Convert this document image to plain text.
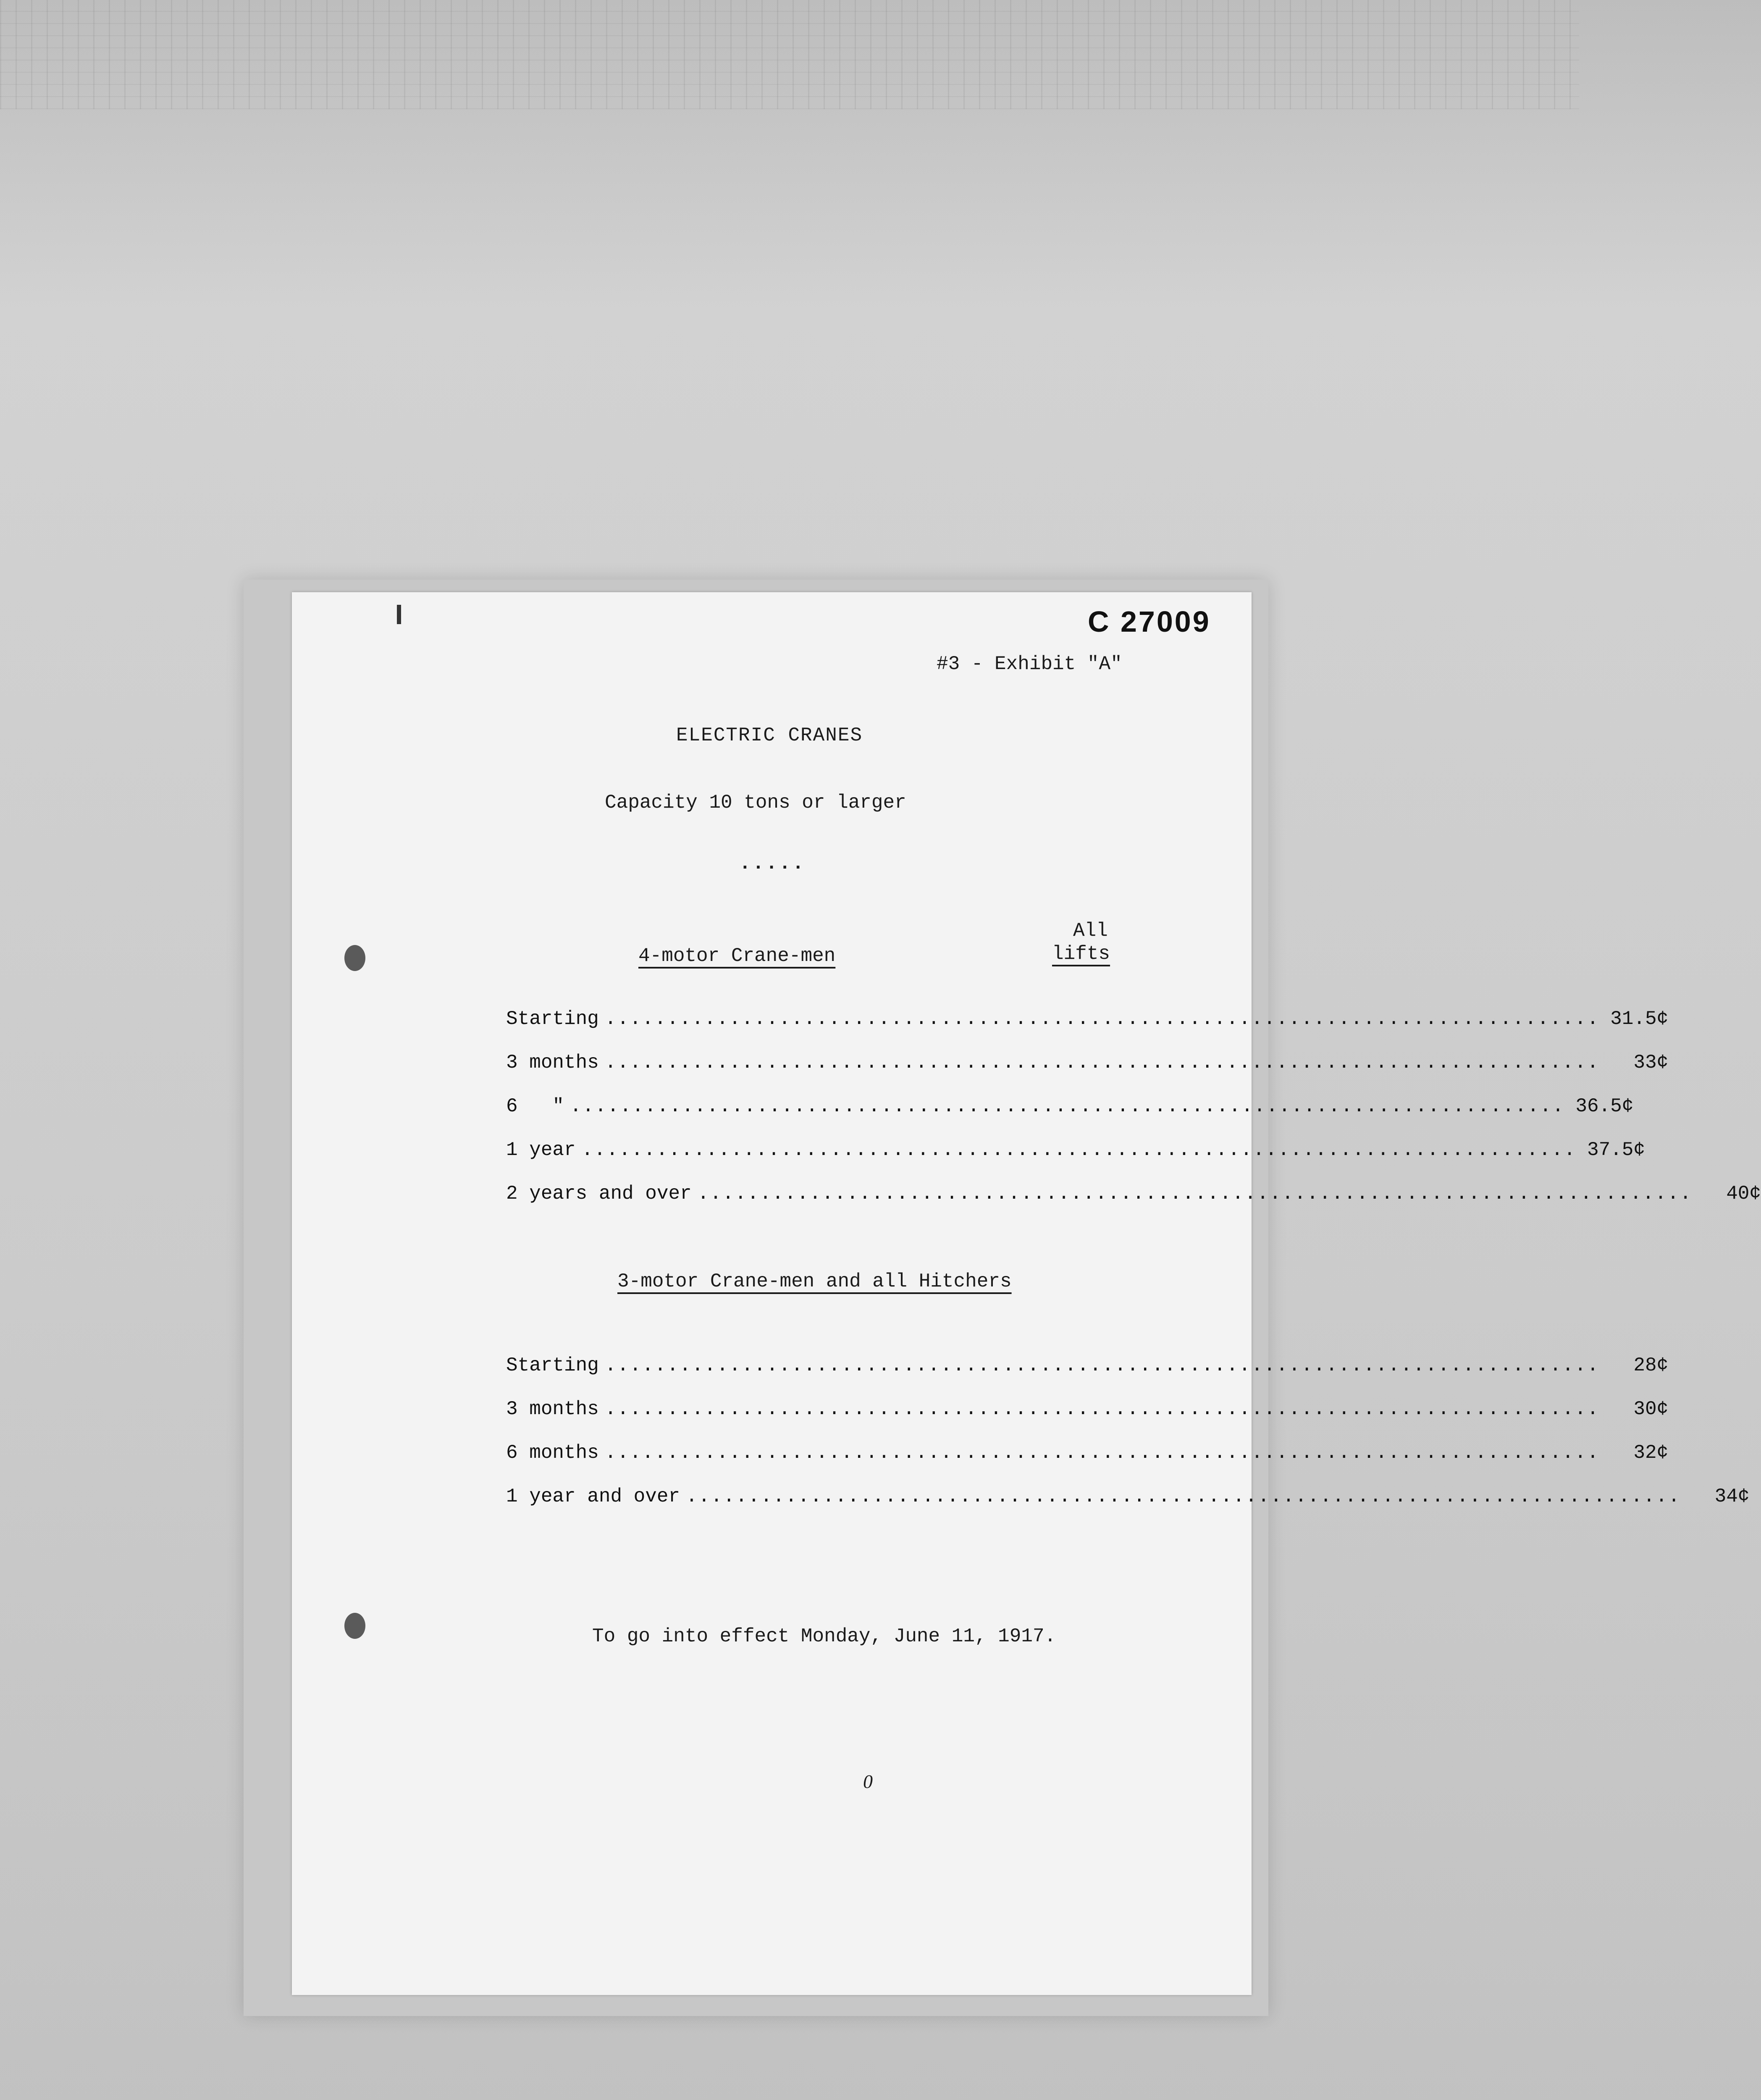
C 27009
#3 - Exhibit "A"
ELECTRIC CRANES
Capacity 10 tons or larger
.....
All
lifts
4-motor Crane-men
Starting ................................................................................ 31.5¢
3 months ................................................................................	33¢
6   " ................................................................................ 36.5¢
1 year ................................................................................ 37.5¢
2 years and over ................................................................................	40¢
3-motor Crane-men and all Hitchers
Starting ................................................................................	28¢
3 months ................................................................................	30¢
6 months ................................................................................	32¢
1 year and over ................................................................................	34¢
To go into effect Monday, June 11, 1917.
0
